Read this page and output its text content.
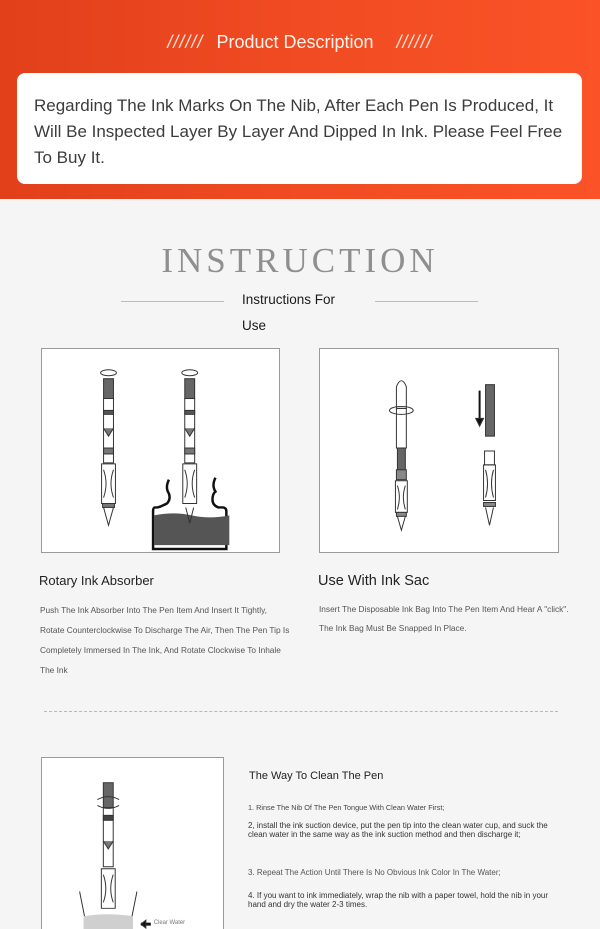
////// Product Description //////

Regarding The Ink Marks On The Nib, After Each Pen Is Produced, It Will Be Inspected Layer By Layer And Dipped In Ink. Please Feel Free To Buy It.

INSTRUCTION
Instructions For Use
Rotary Ink Absorber
Push The Ink Absorber Into The Pen Item And Insert It Tightly, Rotate Counterclockwise To Discharge The Air, Then The Pen Tip Is Completely Immersed In The Ink, And Rotate Clockwise To Inhale The Ink
Use With Ink Sac
Insert The Disposable Ink Bag Into The Pen Item And Hear A "click". The Ink Bag Must Be Snapped In Place.
Clear Water
The Way To Clean The Pen
1. Rinse The Nib Of The Pen Tongue With Clean Water First;
2, install the ink suction device, put the pen tip into the clean water cup, and suck the clean water in the same way as the ink suction method and then discharge it;
3. Repeat The Action Until There Is No Obvious Ink Color In The Water;
4. If you want to ink immediately, wrap the nib with a paper towel, hold the nib in your hand and dry the water 2-3 times.
